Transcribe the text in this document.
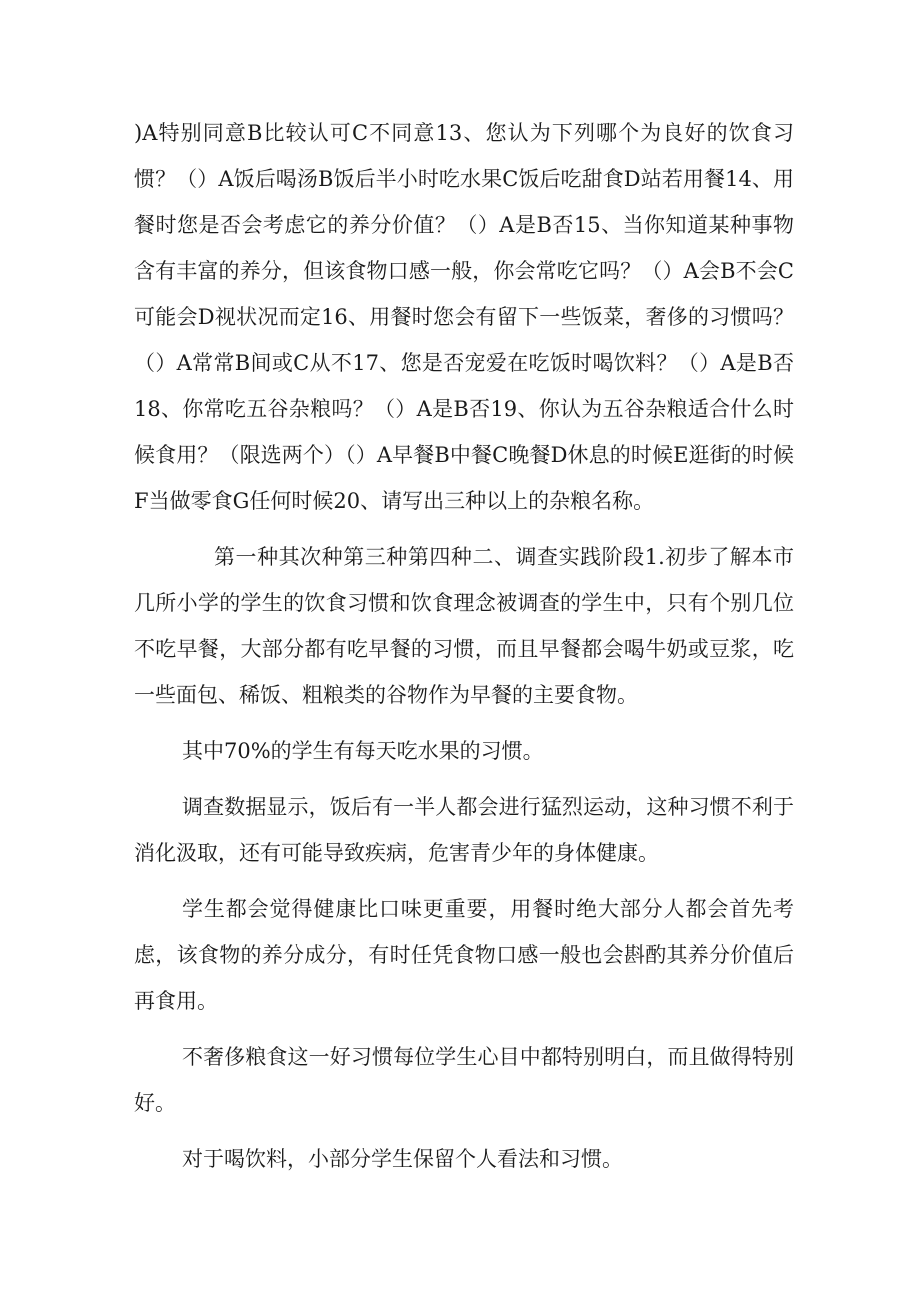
)A特别同意B比较认可C不同意13、您认为下列哪个为良好的饮食习惯？（）A饭后喝汤B饭后半小时吃水果C饭后吃甜食D站若用餐14、用餐时您是否会考虑它的养分价值？（）A是B否15、当你知道某种事物含有丰富的养分，但该食物口感一般，你会常吃它吗？（）A会B不会C可能会D视状况而定16、用餐时您会有留下一些饭菜，奢侈的习惯吗？（）A常常B间或C从不17、您是否宠爱在吃饭时喝饮料？（）A是B否18、你常吃五谷杂粮吗？（）A是B否19、你认为五谷杂粮适合什么时候食用？（限选两个）（）A早餐B中餐C晚餐D休息的时候E逛街的时候F当做零食G任何时候20、请写出三种以上的杂粮名称。

第一种其次种第三种第四种二、调查实践阶段1.初步了解本市几所小学的学生的饮食习惯和饮食理念被调查的学生中，只有个别几位不吃早餐，大部分都有吃早餐的习惯，而且早餐都会喝牛奶或豆浆，吃一些面包、稀饭、粗粮类的谷物作为早餐的主要食物。

其中70%的学生有每天吃水果的习惯。

调查数据显示，饭后有一半人都会进行猛烈运动，这种习惯不利于消化汲取，还有可能导致疾病，危害青少年的身体健康。

学生都会觉得健康比口味更重要，用餐时绝大部分人都会首先考虑，该食物的养分成分，有时任凭食物口感一般也会斟酌其养分价值后再食用。

不奢侈粮食这一好习惯每位学生心目中都特别明白，而且做得特别好。

对于喝饮料，小部分学生保留个人看法和习惯。
